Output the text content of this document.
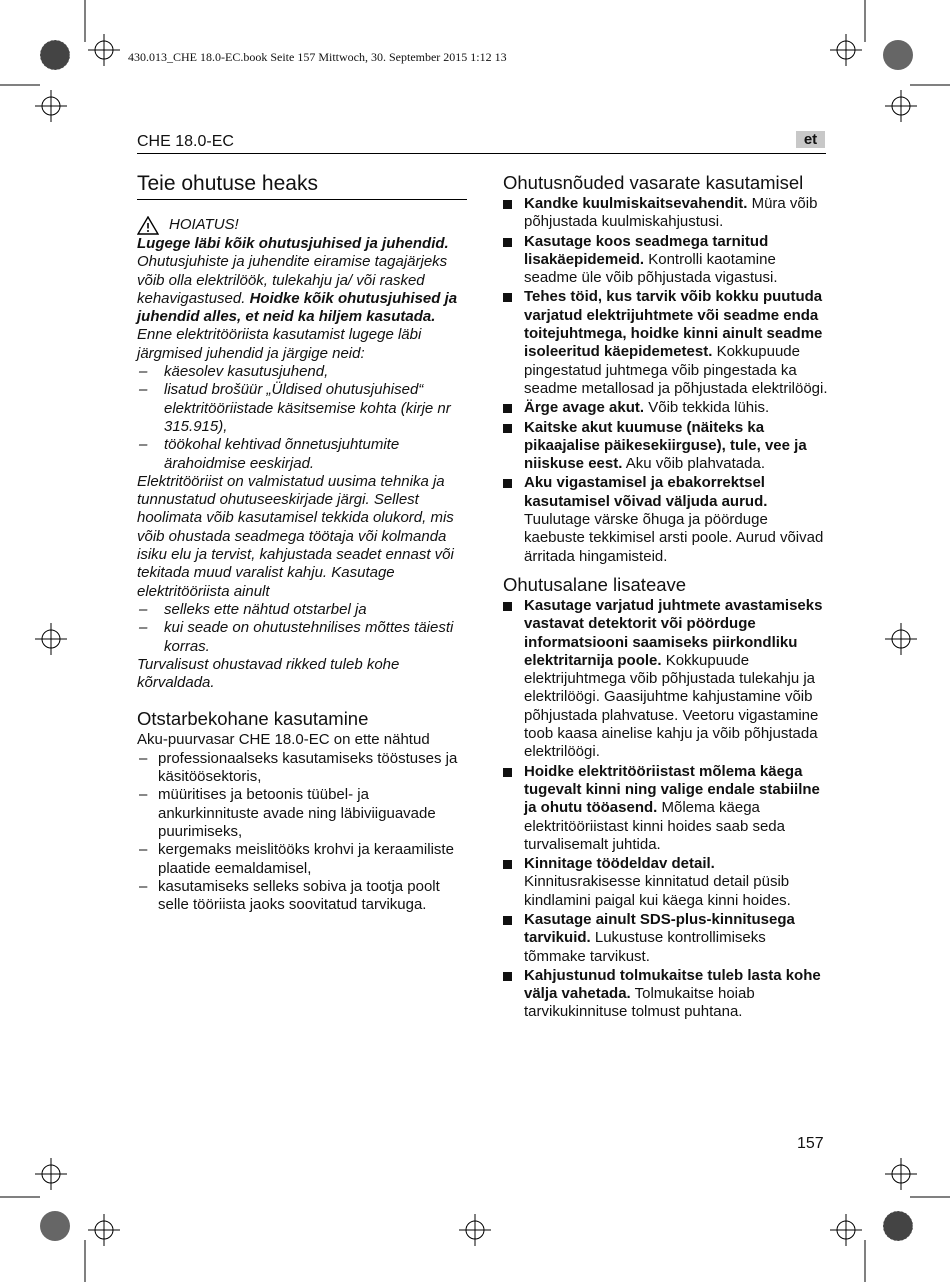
430.013_CHE 18.0-EC.book Seite 157 Mittwoch, 30. September 2015 1:12 13
CHE 18.0-EC	et
Teie ohutuse heaks
HOIATUS!

Lugege läbi kõik ohutusjuhised ja juhendid.

Ohutusjuhiste ja juhendite eiramise tagajärjeks võib olla elektrilöök, tulekahju ja/ või rasked kehavigastused. Hoidke kõik ohutusjuhised ja juhendid alles, et neid ka hiljem kasutada.

Enne elektritööriista kasutamist lugege läbi järgmised juhendid ja järgige neid:

– käesolev kasutusjuhend,
– lisatud brošüür „Üldised ohutusjuhised“ elektritööriistade käsitsemise kohta (kirje nr 315.915),
– töökohal kehtivad õnnetusjuhtumite ärahoidmise eeskirjad.

Elektritööriist on valmistatud uusima tehnika ja tunnustatud ohutuseeskirjade järgi. Sellest hoolimata võib kasutamisel tekkida olukord, mis võib ohustada seadmega töötaja või kolmanda isiku elu ja tervist, kahjustada seadet ennast või tekitada muud varalist kahju. Kasutage elektritööriista ainult

– selleks ette nähtud otstarbel ja
– kui seade on ohutustehnilises mõttes täiesti korras.

Turvalisust ohustavad rikked tuleb kohe kõrvaldada.

Otstarbekohane kasutamine

Aku-puurvasar CHE 18.0-EC on ette nähtud

– professionaalseks kasutamiseks tööstuses ja käsitöösektoris,
– müüritises ja betoonis tüübel- ja ankurkinnituste avade ning läbiviiguavade puurimiseks,
– kergemaks meislitööks krohvi ja keraamiliste plaatide eemaldamisel,
– kasutamiseks selleks sobiva ja tootja poolt selle tööriista jaoks soovitatud tarvikuga.
Ohutusnõuded vasarate kasutamisel
Kandke kuulmiskaitsevahendit. Müra võib põhjustada kuulmiskahjustusi.
Kasutage koos seadmega tarnitud lisakäepidemeid. Kontrolli kaotamine seadme üle võib põhjustada vigastusi.
Tehes töid, kus tarvik võib kokku puutuda varjatud elektrijuhtmete või seadme enda toitejuhtmega, hoidke kinni ainult seadme isoleeritud käepidemetest. Kokkupuude pingestatud juhtmega võib pingestada ka seadme metallosad ja põhjustada elektrilöögi.
Ärge avage akut. Võib tekkida lühis.
Kaitske akut kuumuse (näiteks ka pikaajalise päikesekiirguse), tule, vee ja niiskuse eest. Aku võib plahvatada.
Aku vigastamisel ja ebakorrektsel kasutamisel võivad väljuda aurud. Tuulutage värske õhuga ja pöörduge kaebuste tekkimisel arsti poole. Aurud võivad ärritada hingamisteid.
Ohutusalane lisateave
Kasutage varjatud juhtmete avastamiseks vastavat detektorit või pöörduge informatsiooni saamiseks piirkondliku elektritarnija poole. Kokkupuude elektrijuhtmega võib põhjustada tulekahju ja elektrilöögi. Gaasijuhtme kahjustamine võib põhjustada plahvatuse. Veetoru vigastamine toob kaasa ainelise kahju ja võib põhjustada elektrilöögi.
Hoidke elektritööriistast mõlema käega tugevalt kinni ning valige endale stabiilne ja ohutu tööasend. Mõlema käega elektritööriistast kinni hoides saab seda turvalisemalt juhtida.
Kinnitage töödeldav detail. Kinnitusrakisesse kinnitatud detail püsib kindlamini paigal kui käega kinni hoides.
Kasutage ainult SDS-plus-kinnitusega tarvikuid. Lukustuse kontrollimiseks tõmmake tarvikust.
Kahjustunud tolmukaitse tuleb lasta kohe välja vahetada. Tolmukaitse hoiab tarvikukinnituse tolmust puhtana.
157
